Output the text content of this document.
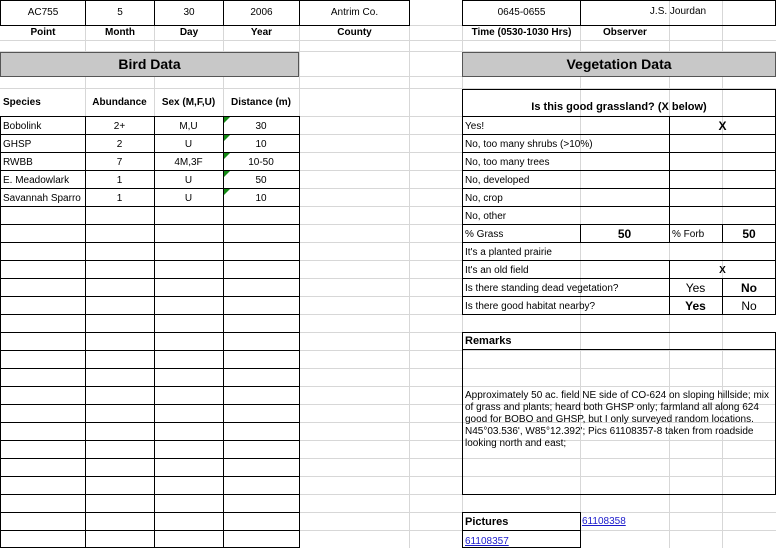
AC755	5	30	2006	Antrim Co.	0645-0655	J.S. Jourdan
Point	Month	Day	Year	County	Time (0530-1030 Hrs)	Observer
Bird Data	Vegetation Data
Species	Abundance	Sex (M,F,U)	Distance (m)
Bobolink	2+	M,U	30
GHSP	2	U	10
RWBB	7	4M,3F	10-50
E. Meadowlark	1	U	50
Savannah Sparro	1	U	10
Is this good grassland? (X below)
Yes!	X
No, too many shrubs (>10%)
No, too many trees
No, developed
No, crop
No, other
% Grass	50	% Forb	50
It's a planted prairie
It's an old field	X
Is there standing dead vegetation?	Yes	No
Is there good habitat nearby?	Yes	No
Remarks
Approximately 50 ac. field NE side of CO-624 on sloping hillside; mix of grass and plants; heard both GHSP only; farmland all along 624 good for BOBO and GHSP, but I only surveyed random locations. N45°03.536', W85°12.392'; Pics 61108357-8 taken from roadside looking north and east;
Pictures	61108358
61108357
